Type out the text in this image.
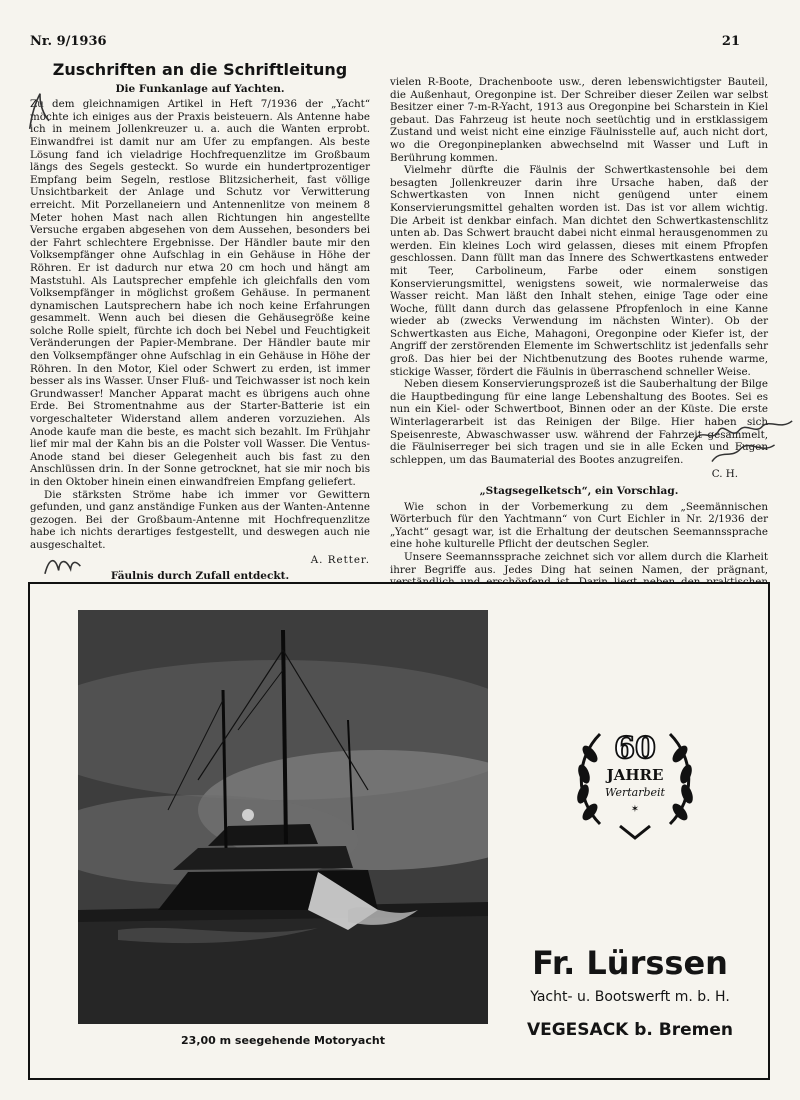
Nr. 9/1936	21
Zuschriften an die Schriftleitung
Die Funkanlage auf Yachten.

Zu dem gleichnamigen Artikel in Heft 7/1936 der „Yacht“ möchte ich einiges aus der Praxis beisteuern. Als Antenne habe ich in meinem Jollenkreuzer u. a. auch die Wanten erprobt. Einwandfrei ist damit nur am Ufer zu empfangen. Als beste Lösung fand ich vieladrige Hochfrequenzlitze im Großbaum längs des Segels gesteckt. So wurde ein hundertprozentiger Empfang beim Segeln, restlose Blitzsicherheit, fast völlige Unsichtbarkeit der Anlage und Schutz vor Verwitterung erreicht. Mit Porzellaneiern und Antennenlitze von meinem 8 Meter hohen Mast nach allen Richtungen hin angestellte Versuche ergaben abgesehen von dem Aussehen, besonders bei der Fahrt schlechtere Ergebnisse. Der Händler baute mir den Volksempfänger ohne Aufschlag in ein Gehäuse in Höhe der Röhren. Er ist dadurch nur etwa 20 cm hoch und hängt am Maststuhl. Als Lautsprecher empfehle ich gleichfalls den vom Volksempfänger in möglichst großem Gehäuse. In permanent dynamischen Lautsprechern habe ich noch keine Erfahrungen gesammelt. Wenn auch bei diesen die Gehäusegröße keine solche Rolle spielt, fürchte ich doch bei Nebel und Feuchtigkeit Veränderungen der Papier-Membrane. Der Händler baute mir den Volksempfänger ohne Aufschlag in ein Gehäuse in Höhe der Röhren. In den Motor, Kiel oder Schwert zu erden, ist immer besser als ins Wasser. Unser Fluß- und Teichwasser ist noch kein Grundwasser! Mancher Apparat macht es übrigens auch ohne Erde. Bei Stromentnahme aus der Starter-Batterie ist ein vorgeschalteter Widerstand allem anderen vorzuziehen. Als Anode kaufe man die beste, es macht sich bezahlt. Im Frühjahr lief mir mal der Kahn bis an die Polster voll Wasser. Die Ventus-Anode stand bei dieser Gelegenheit auch bis fast zu den Anschlüssen drin. In der Sonne getrocknet, hat sie mir noch bis in den Oktober hinein einen einwandfreien Empfang geliefert.

Die stärksten Ströme habe ich immer vor Gewittern gefunden, und ganz anständige Funken aus der Wanten-Antenne gezogen. Bei der Großbaum-Antenne mit Hochfrequenzlitze habe ich nichts derartiges festgestellt, und deswegen auch nie ausgeschaltet.

A. Retter.
Fäulnis durch Zufall entdeckt.

vielen R-Boote, Drachenboote usw., deren lebenswichtigster Bauteil, die Außenhaut, Oregonpine ist. Der Schreiber dieser Zeilen war selbst Besitzer einer 7-m-R-Yacht, 1913 aus Oregonpine bei Scharstein in Kiel gebaut. Das Fahrzeug ist heute noch seetüchtig und in erstklassigem Zustand und weist nicht eine einzige Fäulnisstelle auf, auch nicht dort, wo die Oregonpineplanken abwechselnd mit Wasser und Luft in Berührung kommen.

Vielmehr dürfte die Fäulnis der Schwertkastensohle bei dem besagten Jollenkreuzer darin ihre Ursache haben, daß der Schwertkasten von Innen nicht genügend unter einem Konservierungsmittel gehalten worden ist. Das ist vor allem wichtig. Die Arbeit ist denkbar einfach. Man dichtet den Schwertkastenschlitz unten ab. Das Schwert braucht dabei nicht einmal herausgenommen zu werden. Ein kleines Loch wird gelassen, dieses mit einem Pfropfen geschlossen. Dann füllt man das Innere des Schwertkastens entweder mit Teer, Carbolineum, Farbe oder einem sonstigen Konservierungsmittel, wenigstens soweit, wie normalerweise das Wasser reicht. Man läßt den Inhalt stehen, einige Tage oder eine Woche, füllt dann durch das gelassene Pfropfenloch in eine Kanne wieder ab (zwecks Verwendung im nächsten Winter). Ob der Schwertkasten aus Eiche, Mahagoni, Oregonpine oder Kiefer ist, der Angriff der zerstörenden Elemente im Schwertschlitz ist jedenfalls sehr groß. Das hier bei der Nichtbenutzung des Bootes ruhende warme, stickige Wasser, fördert die Fäulnis in überraschend schneller Weise.

Neben diesem Konservierungsprozeß ist die Sauberhaltung der Bilge die Hauptbedingung für eine lange Lebenshaltung des Bootes. Sei es nun ein Kiel- oder Schwertboot, Binnen oder an der Küste. Die erste Winterlagerarbeit ist das Reinigen der Bilge. Hier haben sich Speisenreste, Abwaschwasser usw. während der Fahrzeit gesammelt, die Fäulniserreger bei sich tragen und sie in alle Ecken und Fugen schleppen, um das Baumaterial des Bootes anzugreifen.

C. H.
„Stagsegelketsch“, ein Vorschlag.

Wie schon in der Vorbemerkung zu dem „Seemännischen Wörterbuch für den Yachtmann“ von Curt Eichler in Nr. 2/1936 der „Yacht“ gesagt war, ist die Erhaltung der deutschen Seemannssprache eine hohe kulturelle Pflicht der deutschen Segler.

Unsere Seemannssprache zeichnet sich vor allem durch die Klarheit ihrer Begriffe aus. Jedes Ding hat seinen Namen, der prägnant,

23,00 m seegehende Motoryacht
60
JAHRE
Wertarbeit
✶
Fr. Lürssen
Yacht- u. Bootswerft m. b. H.
VEGESACK b. Bremen
